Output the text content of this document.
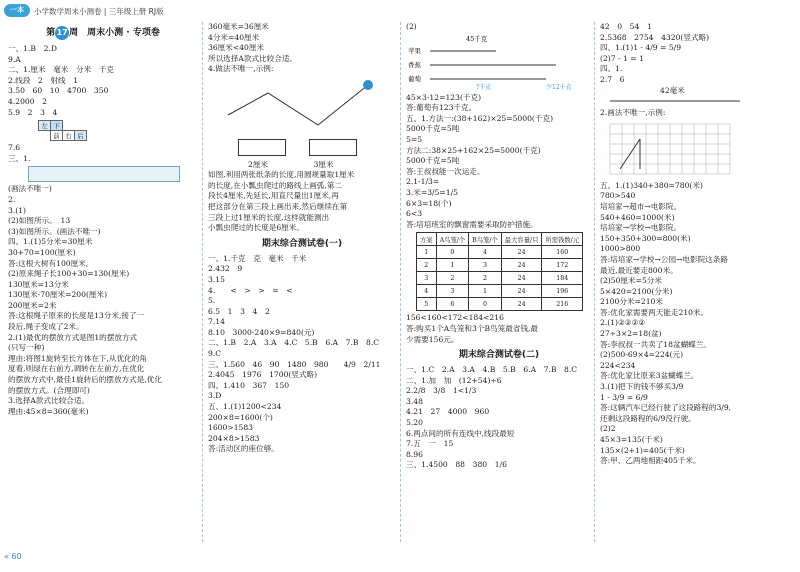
一本	小学数学周末小测卷 | 三年级上册 RJ版

第17周　周末小测 · 专项卷

一、1.B　2.D

9.A

二、1.厘米　毫米　分米　千克

2.线段　2　射线　1

3.50　60　10　4700　350

4.2000　2

5.9　2　3　4

左	下		
	前	右	后

7.6

三、1.

(画法不唯一)

2.

3.(1)

(2)如图所示。　13

(3)如图所示。(画法不唯一)

四、1.(1)5分米=30厘米

30+70=100(厘米)

答:这根大树有100厘米。

(2)原来绳子长100+30=130(厘米)

130厘米=13分米

130厘米-70厘米=200(厘米)

200厘米=2米

答:这根绳子原来的长度是13分米,接了一

段后,绳子变成了2米。

2.(1)最优的摆放方式是图1的摆放方式

(只写一种)

理由:将图1旋转至长方体在下,从优化的角

度看,则绿在右前方,调转在左前方,在优化

的摆放方式中,最佳1旋转后的摆放方式是,优化

的摆放方式。(合理即可)

3.选择A款式比较合适。

理由:45×8=360(毫米)

360毫米=36厘米

4分米=40厘米

36厘米<40厘米

所以选择A款式比较合适。

4.做法不唯一,示例:

2厘米　　　　　　	3厘米

如图,利用两张纸条的长度,用圆规量取1厘米

的长度,在小瓢虫爬过的路线上画弧,第二

段长4厘米,先延长,用直尺量出1厘米,再

把这部分在第三段上画出来,然后继续在第

三段上过1厘米的长度,这样就能测出

小瓢虫爬过的长度是6厘米。

期末综合测试卷(一)

一、1.千克　克　毫米　千米

2.432　9

3.15

4.　　<　>　>　=　<

5.

6.5　1　3　4　2

7.14

8.10　3000-240×9=840(元)

二、1.B　2.A　3.A　4.C　5.B　6.A　7.B　8.C

9.C

三、1.560　46　90　1480　980　　4/9　2/11

2.4045　1976　1700(竖式略)

四、1.410　367　150

3.D

五、1.(1)1200<234

200×8=1600(个)

1600>1583

204×8>1583

答:活动区的座位够。

(2)

45千克
苹果
香蕉
葡萄
?千克	少12千克

45×3-12=123(千克)

答:葡萄有123千克。

五、1.方法一:(38+162)×25=5000(千克)

5000千克=5吨

5=5

方法二:38×25+162×25=5000(千克)

5000千克=5吨

答:王叔叔能一次运走。

2.1-1/3=

3.米=3/5=1/5

6×3=18(个)

6<3

答:培培班室的飘窗需要采取防护措施。

方案	A鸟笼/个	B鸟笼/个	最大容量/只	所需钱数/元
1	0	4	24	160
2	1	3	24	172
3	2	2	24	184
4	3	1	24	196
5	6	0	24	216

156<160<172<184<216

答:购买1个A鸟笼和3个B鸟笼最省钱,最

少需要156元。

期末综合测试卷(二)

一、1.C　2.A　3.A　4.B　5.B　6.A　7.B　8.C

二、1.加　加　(12+54)÷6

2.2/8　3/8　1<1/3

3.48

4.21　27　4000　960

5.20

6.两点间的所有连线中,线段最短

7.五　一　15

8.96

三、1.4500　88　380　1/6

42　0　54　1

2.5368　2754　4320(竖式略)

四、1.(1)1 - 4/9 = 5/9

(2)7 - 1 = 1

四、1.

2.7　6

42毫米

2.画法不唯一,示例:

五、1.(1)340+380=780(米)

780>540

培培家→超市→电影院。

540+460=1000(米)

培培家→学校→电影院。

150+350+300=800(米)

1000>800

答:培培家→学校→公园→电影院这条路

最近,最近要走800米。

(2)50厘米=5分米

5×420=2100(分米)

2100分米=210米

答:优化家需要两天能走210米。

2.(1)②②②②

27÷3×2=18(盆)

答:李叔叔一共卖了18盆蝴蝶兰。

(2)500-69×4=224(元)

224<234

答:优化家比原来3盆蝴蝶兰。

3.(1)把下的钱不够买3/9

1 - 3/9 = 6/9

答:这辆汽车已经行驶了这段路程的3/9,

还剩这段路程的6/9没行驶。

(2)2

45×3=135(千米)

135×(2+1)=405(千米)

答:甲、乙两地相距405千米。

« 60
